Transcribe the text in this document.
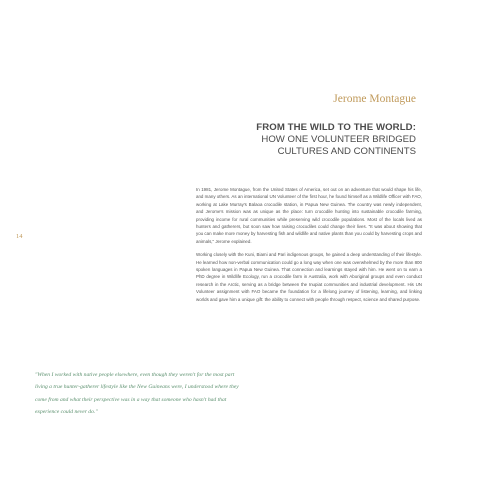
Jerome Montague
FROM THE WILD TO THE WORLD:
HOW ONE VOLUNTEER BRIDGED
CULTURES AND CONTINENTS
14

In 1981, Jerome Montague, from the United States of America, set out on an adventure that would shape his life, and many others. As an international UN Volunteer of the first hour, he found himself as a Wildlife Officer with FAO, working at Lake Murray's Balaoa crocodile station, in Papua New Guinea. The country was newly independent, and Jerome's mission was as unique as the place: turn crocodile hunting into sustainable crocodile farming, providing income for rural communities while preserving wild crocodile populations. Most of the locals lived as hunters and gatherers, but soon saw how raising crocodiles could change their lives. "It was about showing that you can make more money by harvesting fish and wildlife and native plants than you could by harvesting crops and animals," Jerome explained.

Working closely with the Kuni, Biami and Pari indigenous groups, he gained a deep understanding of their lifestyle. He learned how non-verbal communication could go a long way when one was overwhelmed by the more than 800 spoken languages in Papua New Guinea. That connection and learnings stayed with him. He went on to earn a PhD degree in Wildlife Ecology, run a crocodile farm in Australia, work with Aboriginal groups and even conduct research in the Arctic, serving as a bridge between the Inupiat communities and industrial development. His UN Volunteer assignment with FAO became the foundation for a lifelong journey of listening, learning, and linking worlds and gave him a unique gift: the ability to connect with people through respect, science and shared purpose.

"When I worked with native people elsewhere, even though they weren't for the most part living a true hunter-gatherer lifestyle like the New Guineans were, I understood where they come from and what their perspective was in a way that someone who hasn't had that experience could never do."
